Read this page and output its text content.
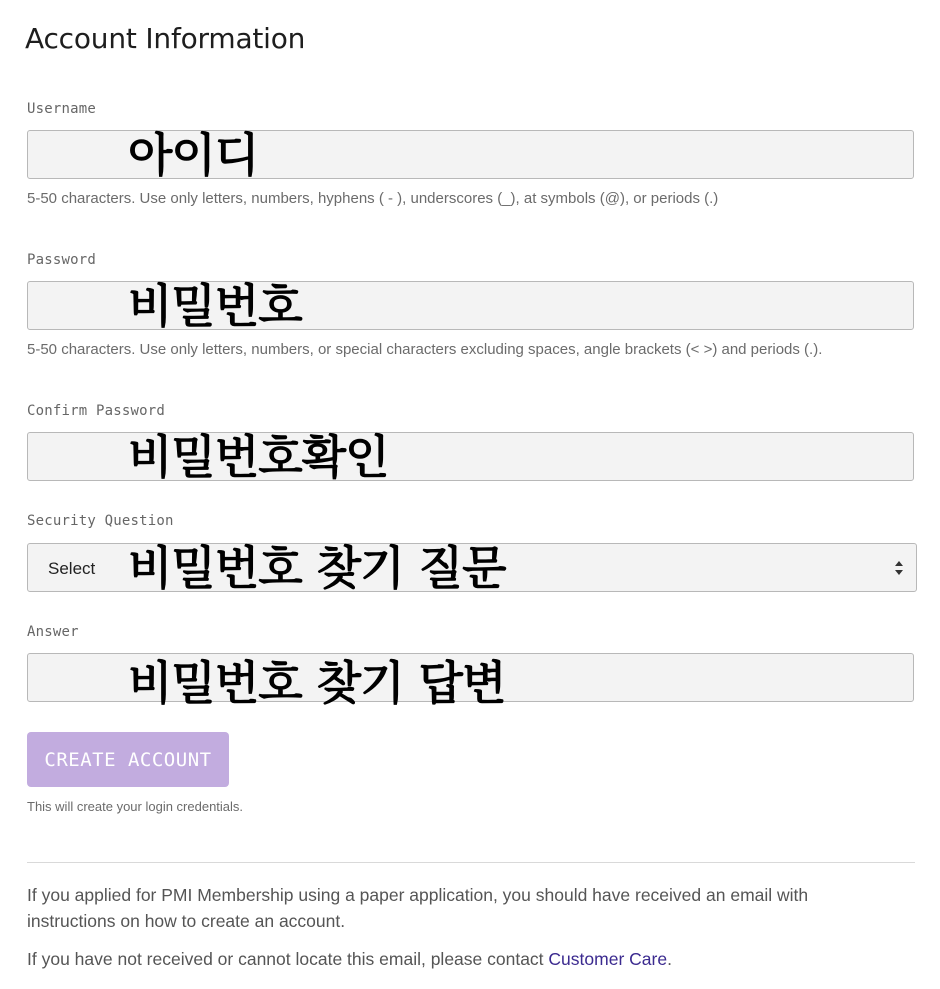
Account Information
Username
아이디
5-50 characters. Use only letters, numbers, hyphens ( - ), underscores (_), at symbols (@), or periods (.)
Password
비밀번호
5-50 characters. Use only letters, numbers, or special characters excluding spaces, angle brackets (< >) and periods (.).
Confirm Password
비밀번호확인
Security Question
Select 비밀번호 찾기 질문
Answer
비밀번호 찾기 답변
CREATE ACCOUNT
This will create your login credentials.
If you applied for PMI Membership using a paper application, you should have received an email with instructions on how to create an account.
If you have not received or cannot locate this email, please contact Customer Care.
